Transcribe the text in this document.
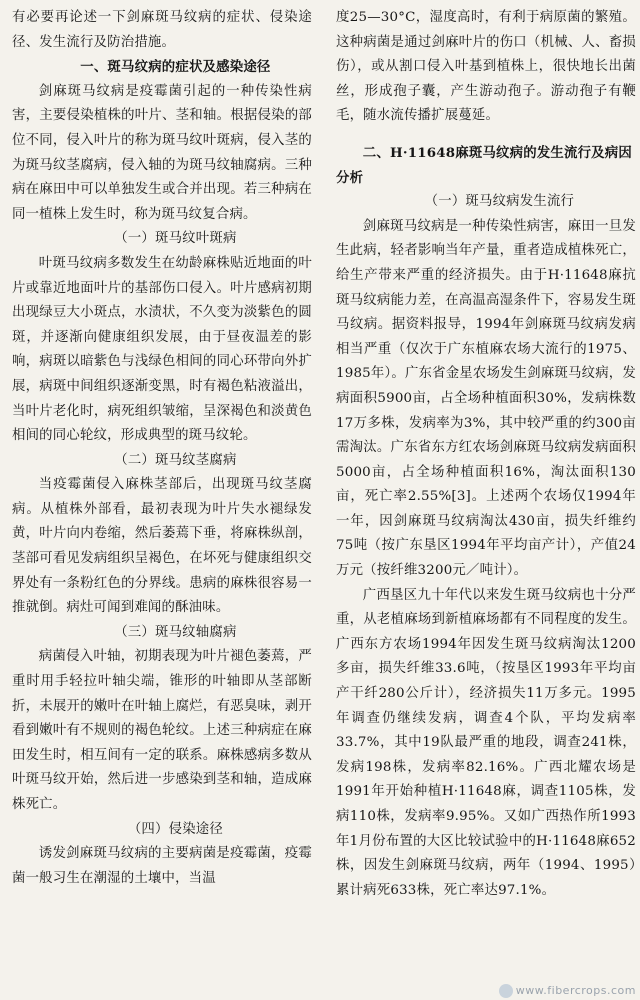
有必要再论述一下剑麻斑马纹病的症状、侵染途径、发生流行及防治措施。

一、斑马纹病的症状及感染途径

剑麻斑马纹病是疫霉菌引起的一种传染性病害，主要侵染植株的叶片、茎和轴。根据侵染的部位不同，侵入叶片的称为斑马纹叶斑病，侵入茎的为斑马纹茎腐病，侵入轴的为斑马纹轴腐病。三种病在麻田中可以单独发生或合并出现。若三种病在同一植株上发生时，称为斑马纹复合病。

（一）斑马纹叶斑病

叶斑马纹病多数发生在幼龄麻株贴近地面的叶片或靠近地面叶片的基部伤口侵入。叶片感病初期出现绿豆大小斑点，水渍状，不久变为淡紫色的圆斑，并逐渐向健康组织发展，由于昼夜温差的影响，病斑以暗紫色与浅绿色相间的同心环带向外扩展，病斑中间组织逐渐变黑，时有褐色粘液溢出，当叶片老化时，病死组织皱缩，呈深褐色和淡黄色相间的同心轮纹，形成典型的斑马纹轮。

（二）斑马纹茎腐病

当疫霉菌侵入麻株茎部后，出现斑马纹茎腐病。从植株外部看，最初表现为叶片失水褪绿发黄，叶片向内卷缩，然后萎蔫下垂，将麻株纵剖，茎部可看见发病组织呈褐色，在坏死与健康组织交界处有一条粉红色的分界线。患病的麻株很容易一推就倒。病灶可闻到难闻的酥油味。

（三）斑马纹轴腐病

病菌侵入叶轴，初期表现为叶片褪色萎蔫，严重时用手轻拉叶轴尖端，锥形的叶轴即从茎部断折，未展开的嫩叶在叶轴上腐烂，有恶臭味，剥开看到嫩叶有不规则的褐色轮纹。上述三种病症在麻田发生时，相互间有一定的联系。麻株感病多数从叶斑马纹开始，然后进一步感染到茎和轴，造成麻株死亡。

（四）侵染途径

诱发剑麻斑马纹病的主要病菌是疫霉菌，疫霉菌一般习生在潮湿的土壤中，当温

度25—30°C，湿度高时，有利于病原菌的繁殖。这种病菌是通过剑麻叶片的伤口（机械、人、畜损伤），或从割口侵入叶基到植株上，很快地长出菌丝，形成孢子囊，产生游动孢子。游动孢子有鞭毛，随水流传播扩展蔓延。

二、H·11648麻斑马纹病的发生流行及病因分析

（一）斑马纹病发生流行

剑麻斑马纹病是一种传染性病害，麻田一旦发生此病，轻者影响当年产量，重者造成植株死亡，给生产带来严重的经济损失。由于H·11648麻抗斑马纹病能力差，在高温高湿条件下，容易发生斑马纹病。据资料报导，1994年剑麻斑马纹病发病相当严重（仅次于广东植麻农场大流行的1975、1985年）。广东省金星农场发生剑麻斑马纹病，发病面积5900亩，占全场种植面积30%，发病株数17万多株，发病率为3%，其中较严重的约300亩需淘汰。广东省东方红农场剑麻斑马纹病发病面积5000亩，占全场种植面积16%，淘汰面积130亩，死亡率2.55%[3]。上述两个农场仅1994年一年，因剑麻斑马纹病淘汰430亩，损失纤维约75吨（按广东垦区1994年平均亩产计），产值24万元（按纤维3200元／吨计）。

广西垦区九十年代以来发生斑马纹病也十分严重，从老植麻场到新植麻场都有不同程度的发生。广西东方农场1994年因发生斑马纹病淘汰1200多亩，损失纤维33.6吨，（按垦区1993年平均亩产干纤280公斤计），经济损失11万多元。1995年调查仍继续发病，调查4个队，平均发病率33.7%，其中19队最严重的地段，调查241株，发病198株，发病率82.16%。广西北耀农场是1991年开始种植H·11648麻，调查1105株，发病110株，发病率9.95%。又如广西热作所1993年1月份布置的大区比较试验中的H·11648麻652株，因发生剑麻斑马纹病，两年（1994、1995）累计病死633株，死亡率达97.1%。

www.fibercrops.com
